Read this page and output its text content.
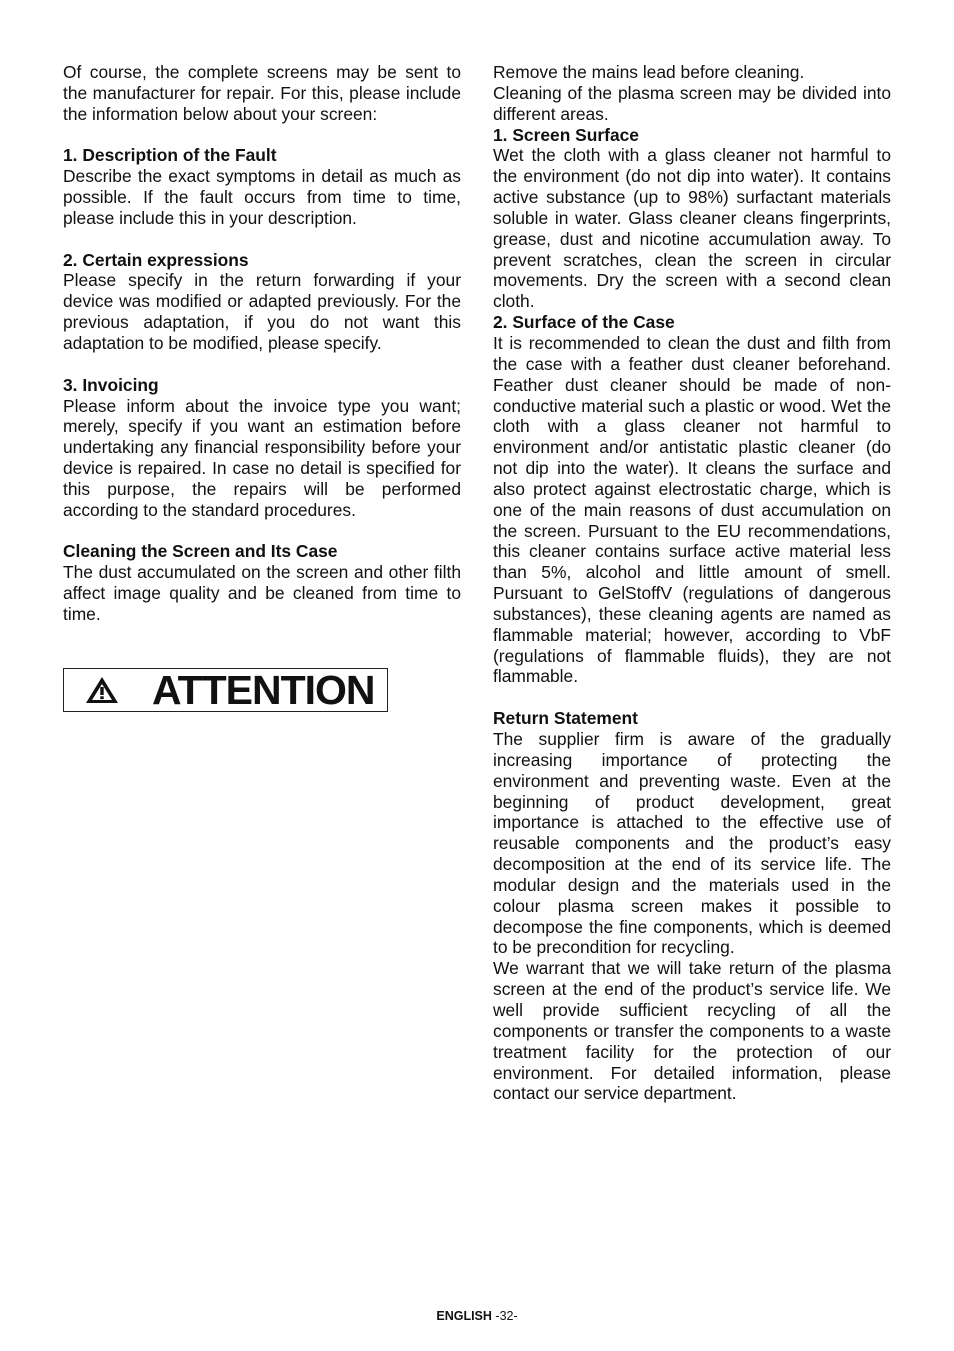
Of course, the complete screens may be sent to the manufacturer for repair. For this, please include the information below about your screen:

1. Description of the Fault

Describe the exact symptoms in detail as much as possible. If the fault occurs from time to time, please include this in your description.

2. Certain expressions

Please specify in the return forwarding if your device was modified or adapted previously. For the previous adaptation, if you do not want this adaptation to be modified, please specify.

3. Invoicing

Please inform about the invoice type you want; merely, specify if you want an estimation before undertaking any financial responsibility before your device is repaired. In case no detail is specified for this purpose, the repairs will be performed according to the standard procedures.

Cleaning the Screen and Its Case

The dust accumulated on the screen and other filth affect image quality and be cleaned from time to time.

ATTENTION

Remove the mains lead before cleaning.

Cleaning of the plasma screen may be divided into different areas.

1. Screen Surface

Wet the cloth with a glass cleaner not harmful to the environment (do not dip into water). It contains active substance (up to 98%) surfactant materials soluble in water. Glass cleaner cleans fingerprints, grease, dust and nicotine accumulation away. To prevent scratches, clean the screen in circular movements. Dry the screen with a second clean cloth.

2. Surface of the Case

It is recommended to clean the dust and filth from the case with a feather dust cleaner beforehand. Feather dust cleaner should be made of non-conductive material such a plastic or wood. Wet the cloth with a glass cleaner not harmful to environment and/or antistatic plastic cleaner (do not dip into the water). It cleans the surface and also protect against electrostatic charge, which is one of the main reasons of dust accumulation on the screen. Pursuant to the EU recommendations, this cleaner contains surface active material less than 5%, alcohol and little amount of smell. Pursuant to GelStoffV (regulations of dangerous substances), these cleaning agents are named as flammable material; however, according to VbF (regulations of flammable fluids), they are not flammable.

Return Statement

The supplier firm is aware of the gradually increasing importance of protecting the environment and preventing waste. Even at the beginning of product development, great importance is attached to the effective use of reusable components and the product’s easy decomposition at the end of its service life. The modular design and the materials used in the colour plasma screen makes it possible to decompose the fine components, which is deemed to be precondition for recycling.

We warrant that we will take return of the plasma screen at the end of the product’s service life. We well provide sufficient recycling of all the components or transfer the components to a waste treatment facility for the protection of our environment. For detailed information, please contact our service department.

ENGLISH -32-
